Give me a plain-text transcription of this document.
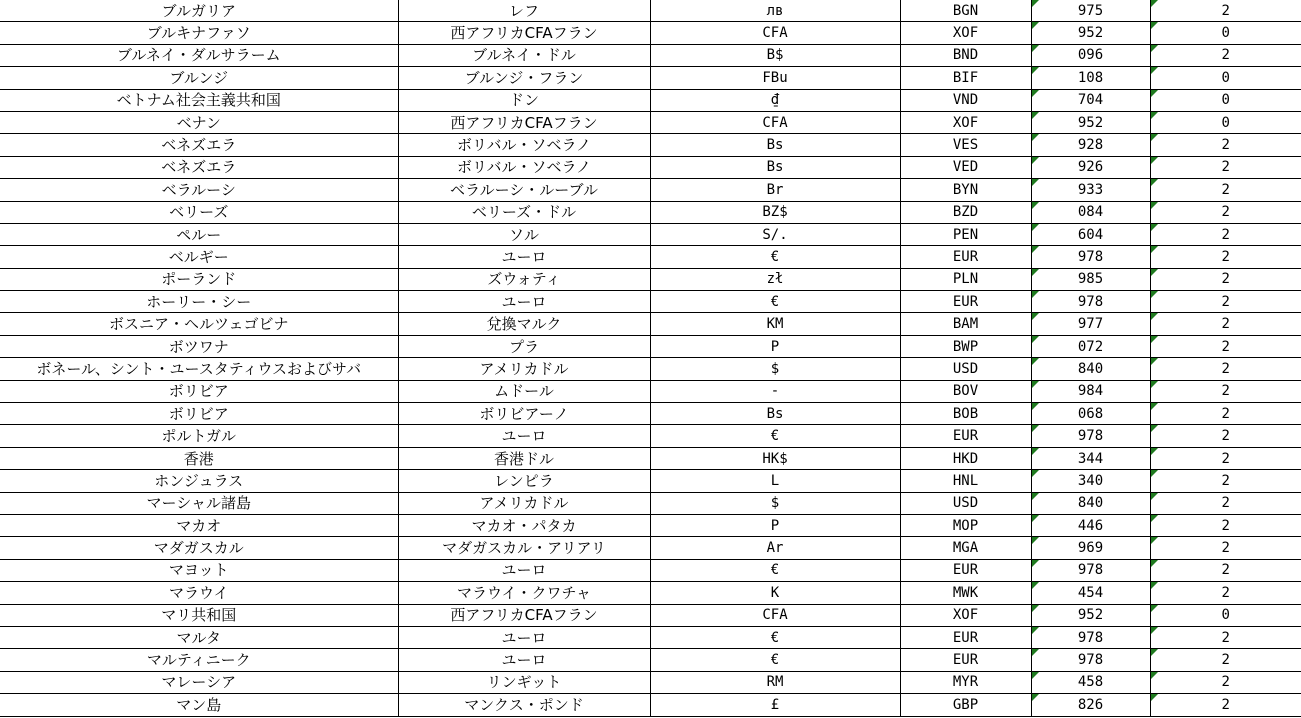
ブルガリア	レフ	лв	BGN	975	2
ブルキナファソ	西アフリカCFAフラン	CFA	XOF	952	0
ブルネイ・ダルサラーム	ブルネイ・ドル	B$	BND	096	2
ブルンジ	ブルンジ・フラン	FBu	BIF	108	0
ベトナム社会主義共和国	ドン	₫	VND	704	0
ベナン	西アフリカCFAフラン	CFA	XOF	952	0
ベネズエラ	ボリバル・ソベラノ	Bs	VES	928	2
ベネズエラ	ボリバル・ソベラノ	Bs	VED	926	2
ベラルーシ	ベラルーシ・ルーブル	Br	BYN	933	2
ベリーズ	ベリーズ・ドル	BZ$	BZD	084	2
ペルー	ソル	S/.	PEN	604	2
ベルギー	ユーロ	€	EUR	978	2
ポーランド	ズウォティ	zł	PLN	985	2
ホーリー・シー	ユーロ	€	EUR	978	2
ボスニア・ヘルツェゴビナ	兌換マルク	KM	BAM	977	2
ボツワナ	プラ	P	BWP	072	2
ボネール、シント・ユースタティウスおよびサバ	アメリカドル	$	USD	840	2
ボリビア	ムドール	-	BOV	984	2
ボリビア	ボリビアーノ	Bs	BOB	068	2
ポルトガル	ユーロ	€	EUR	978	2
香港	香港ドル	HK$	HKD	344	2
ホンジュラス	レンピラ	L	HNL	340	2
マーシャル諸島	アメリカドル	$	USD	840	2
マカオ	マカオ・パタカ	P	MOP	446	2
マダガスカル	マダガスカル・アリアリ	Ar	MGA	969	2
マヨット	ユーロ	€	EUR	978	2
マラウイ	マラウイ・クワチャ	K	MWK	454	2
マリ共和国	西アフリカCFAフラン	CFA	XOF	952	0
マルタ	ユーロ	€	EUR	978	2
マルティニーク	ユーロ	€	EUR	978	2
マレーシア	リンギット	RM	MYR	458	2
マン島	マンクス・ポンド	£	GBP	826	2
